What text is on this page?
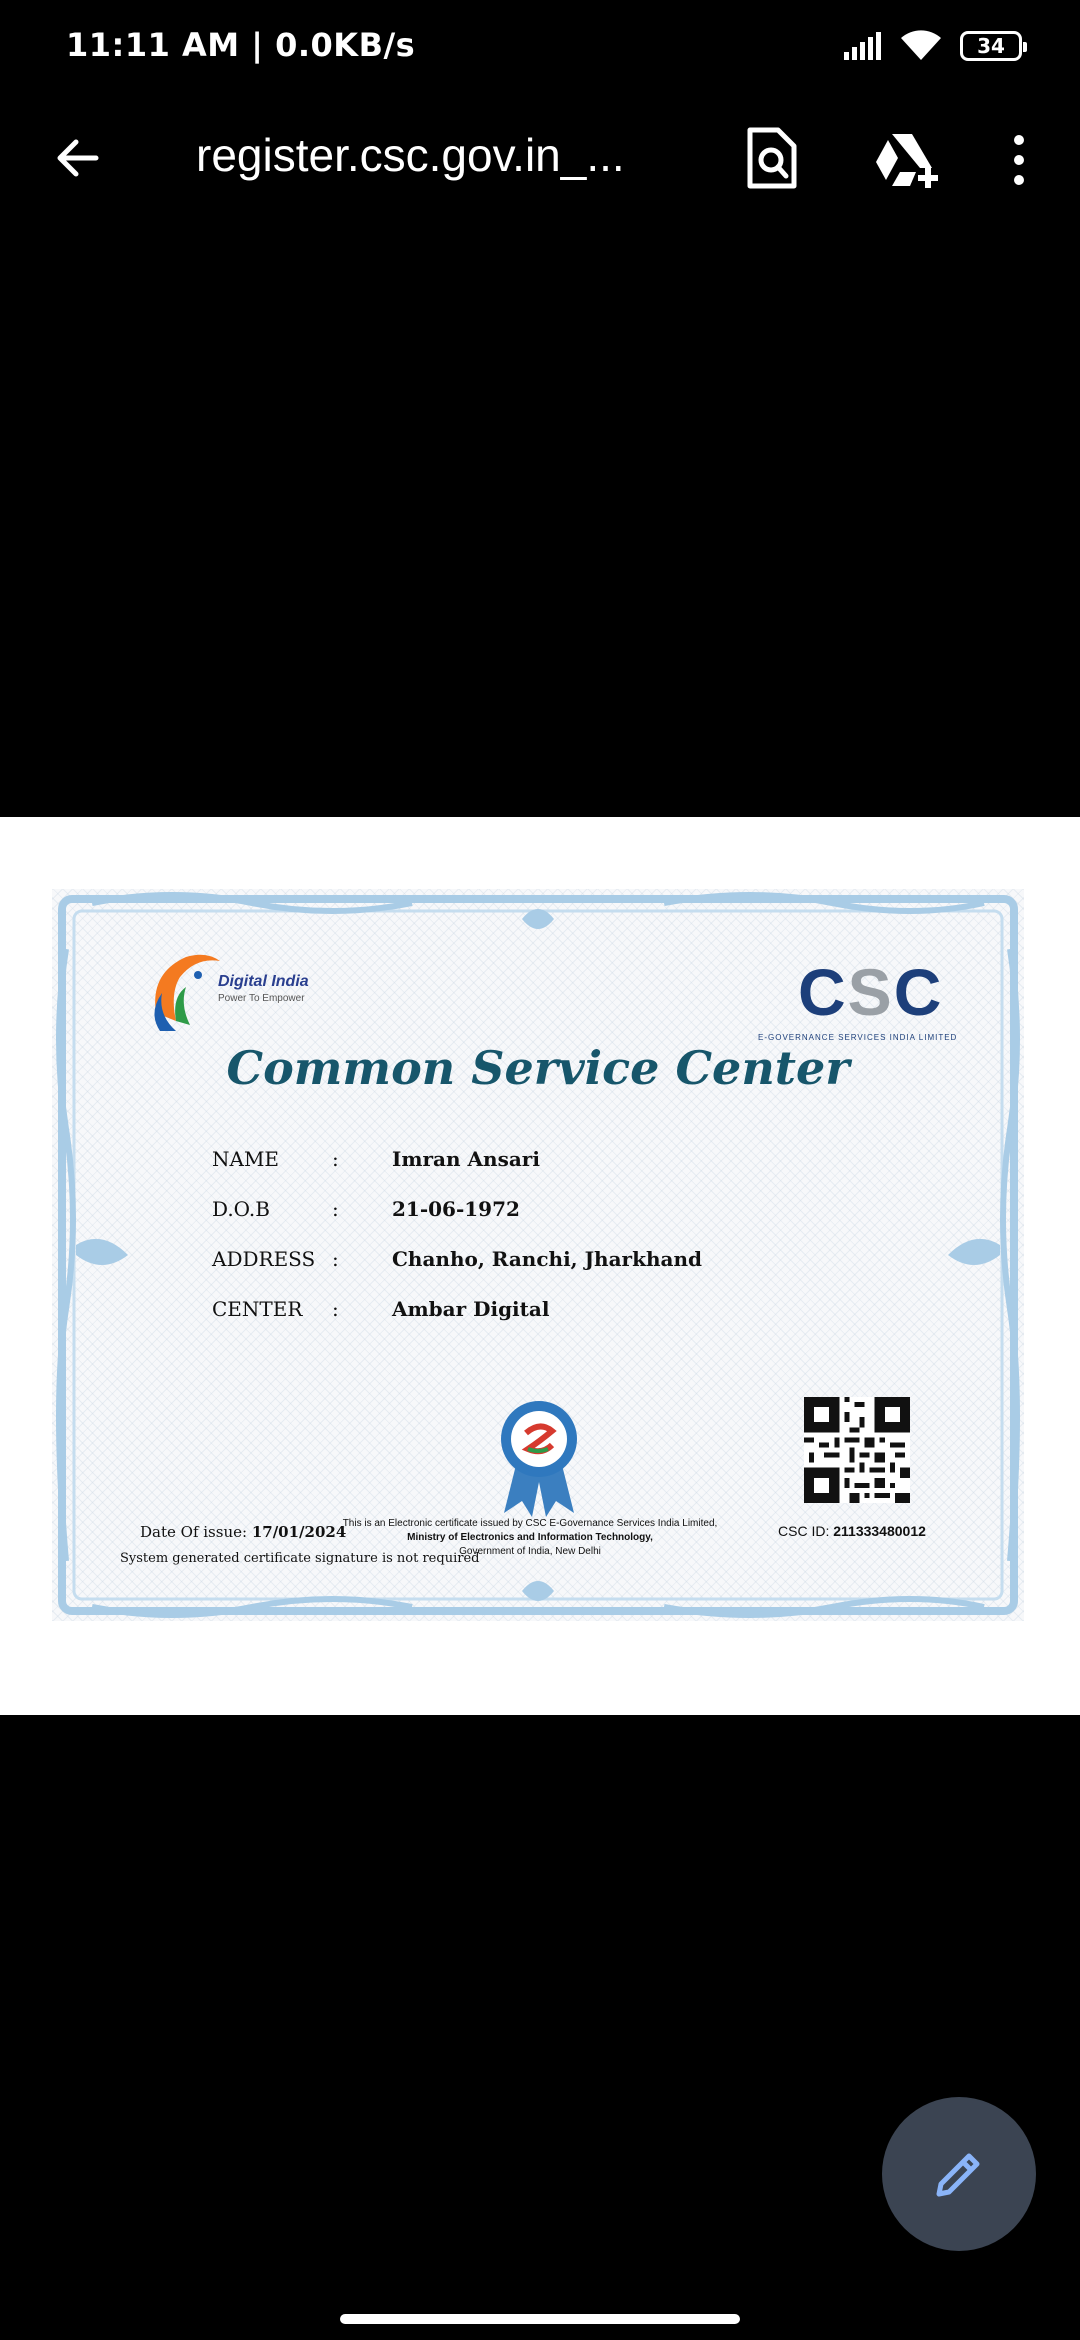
11:11 AM | 0.0KB/s	34
register.csc.gov.in_...
Digital India
Power To Empower	CSC
E-GOVERNANCE SERVICES INDIA LIMITED
Common Service Center
NAME	:	Imran Ansari
D.O.B	:	21-06-1972
ADDRESS :	Chanho, Ranchi, Jharkhand
CENTER	:	Ambar Digital
Date Of issue: 17/01/2024
System generated certificate signature is not required
This is an Electronic certificate issued by CSC E-Governance Services India Limited,
Ministry of Electronics and Information Technology,
Government of India, New Delhi
CSC ID: 211333480012
